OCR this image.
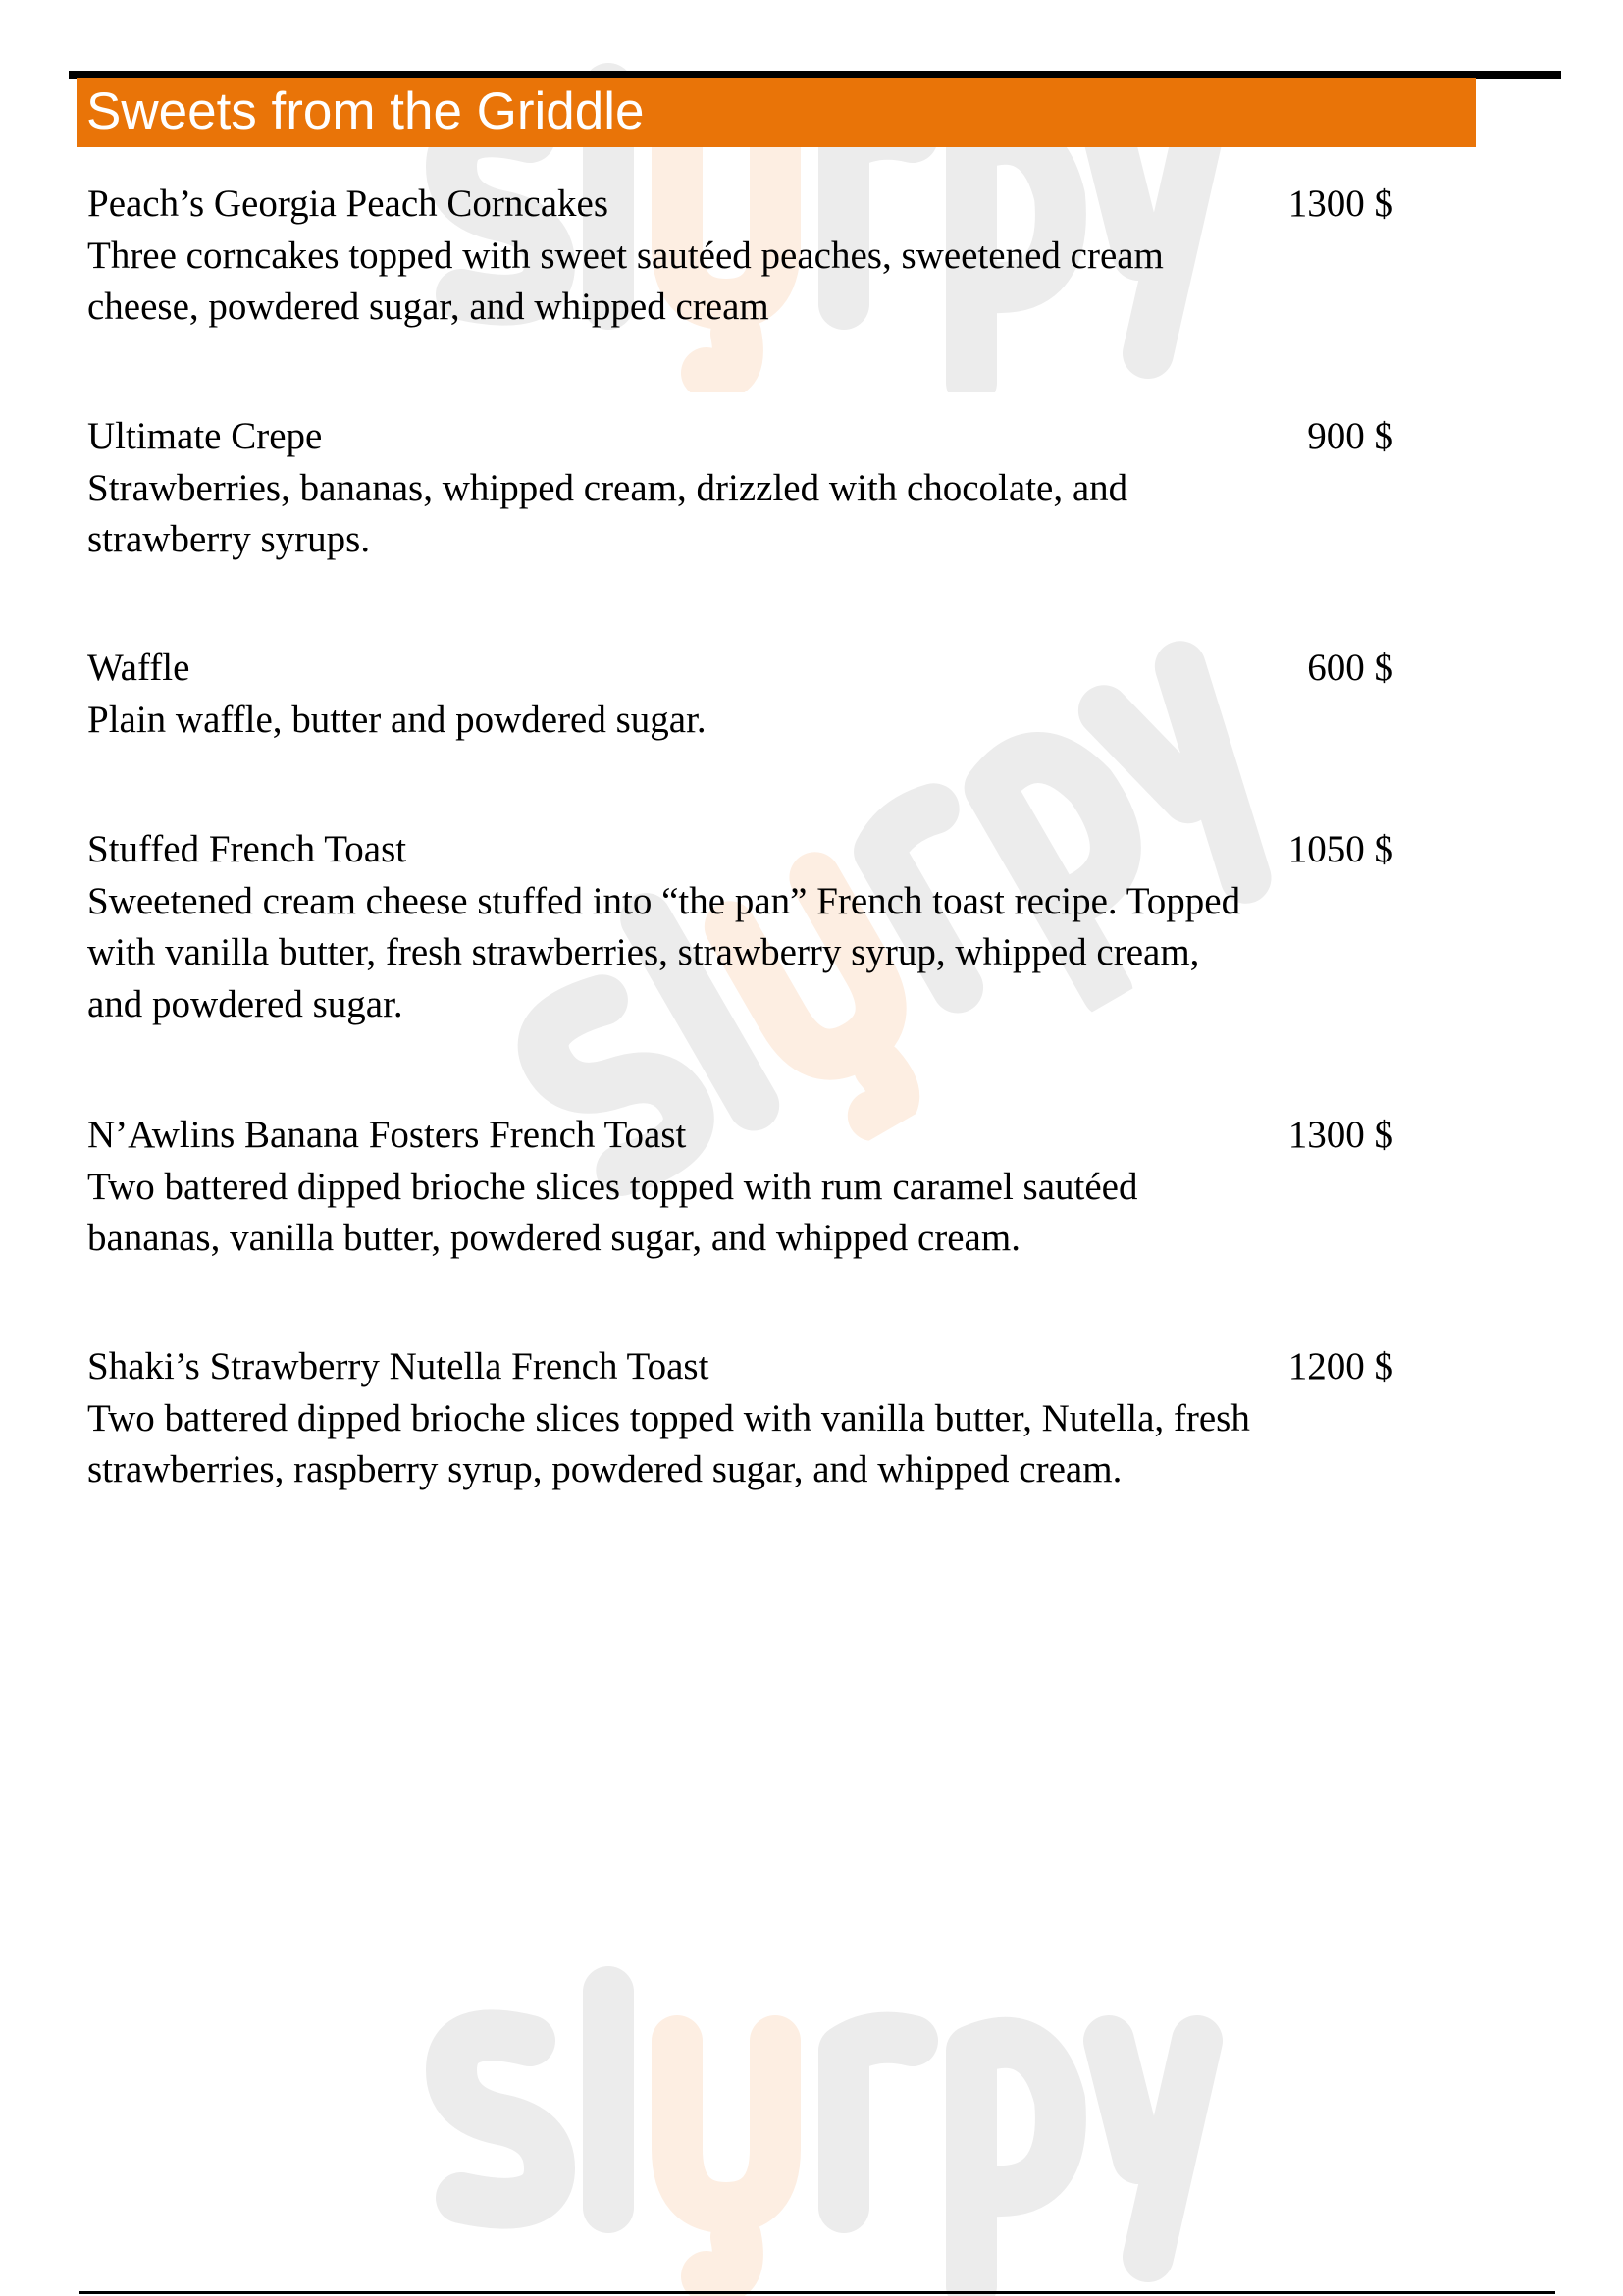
Sweets from the Griddle
Peach’s Georgia Peach Corncakes	1300 $
Three corncakes topped with sweet sautéed peaches, sweetened cream cheese, powdered sugar, and whipped cream
Ultimate Crepe	900 $
Strawberries, bananas, whipped cream, drizzled with chocolate, and strawberry syrups.
Waffle	600 $
Plain waffle, butter and powdered sugar.
Stuffed French Toast	1050 $
Sweetened cream cheese stuffed into “the pan” French toast recipe. Topped with vanilla butter, fresh strawberries, strawberry syrup, whipped cream, and powdered sugar.
N’Awlins Banana Fosters French Toast	1300 $
Two battered dipped brioche slices topped with rum caramel sautéed bananas, vanilla butter, powdered sugar, and whipped cream.
Shaki’s Strawberry Nutella French Toast	1200 $
Two battered dipped brioche slices topped with vanilla butter, Nutella, fresh strawberries, raspberry syrup, powdered sugar, and whipped cream.
